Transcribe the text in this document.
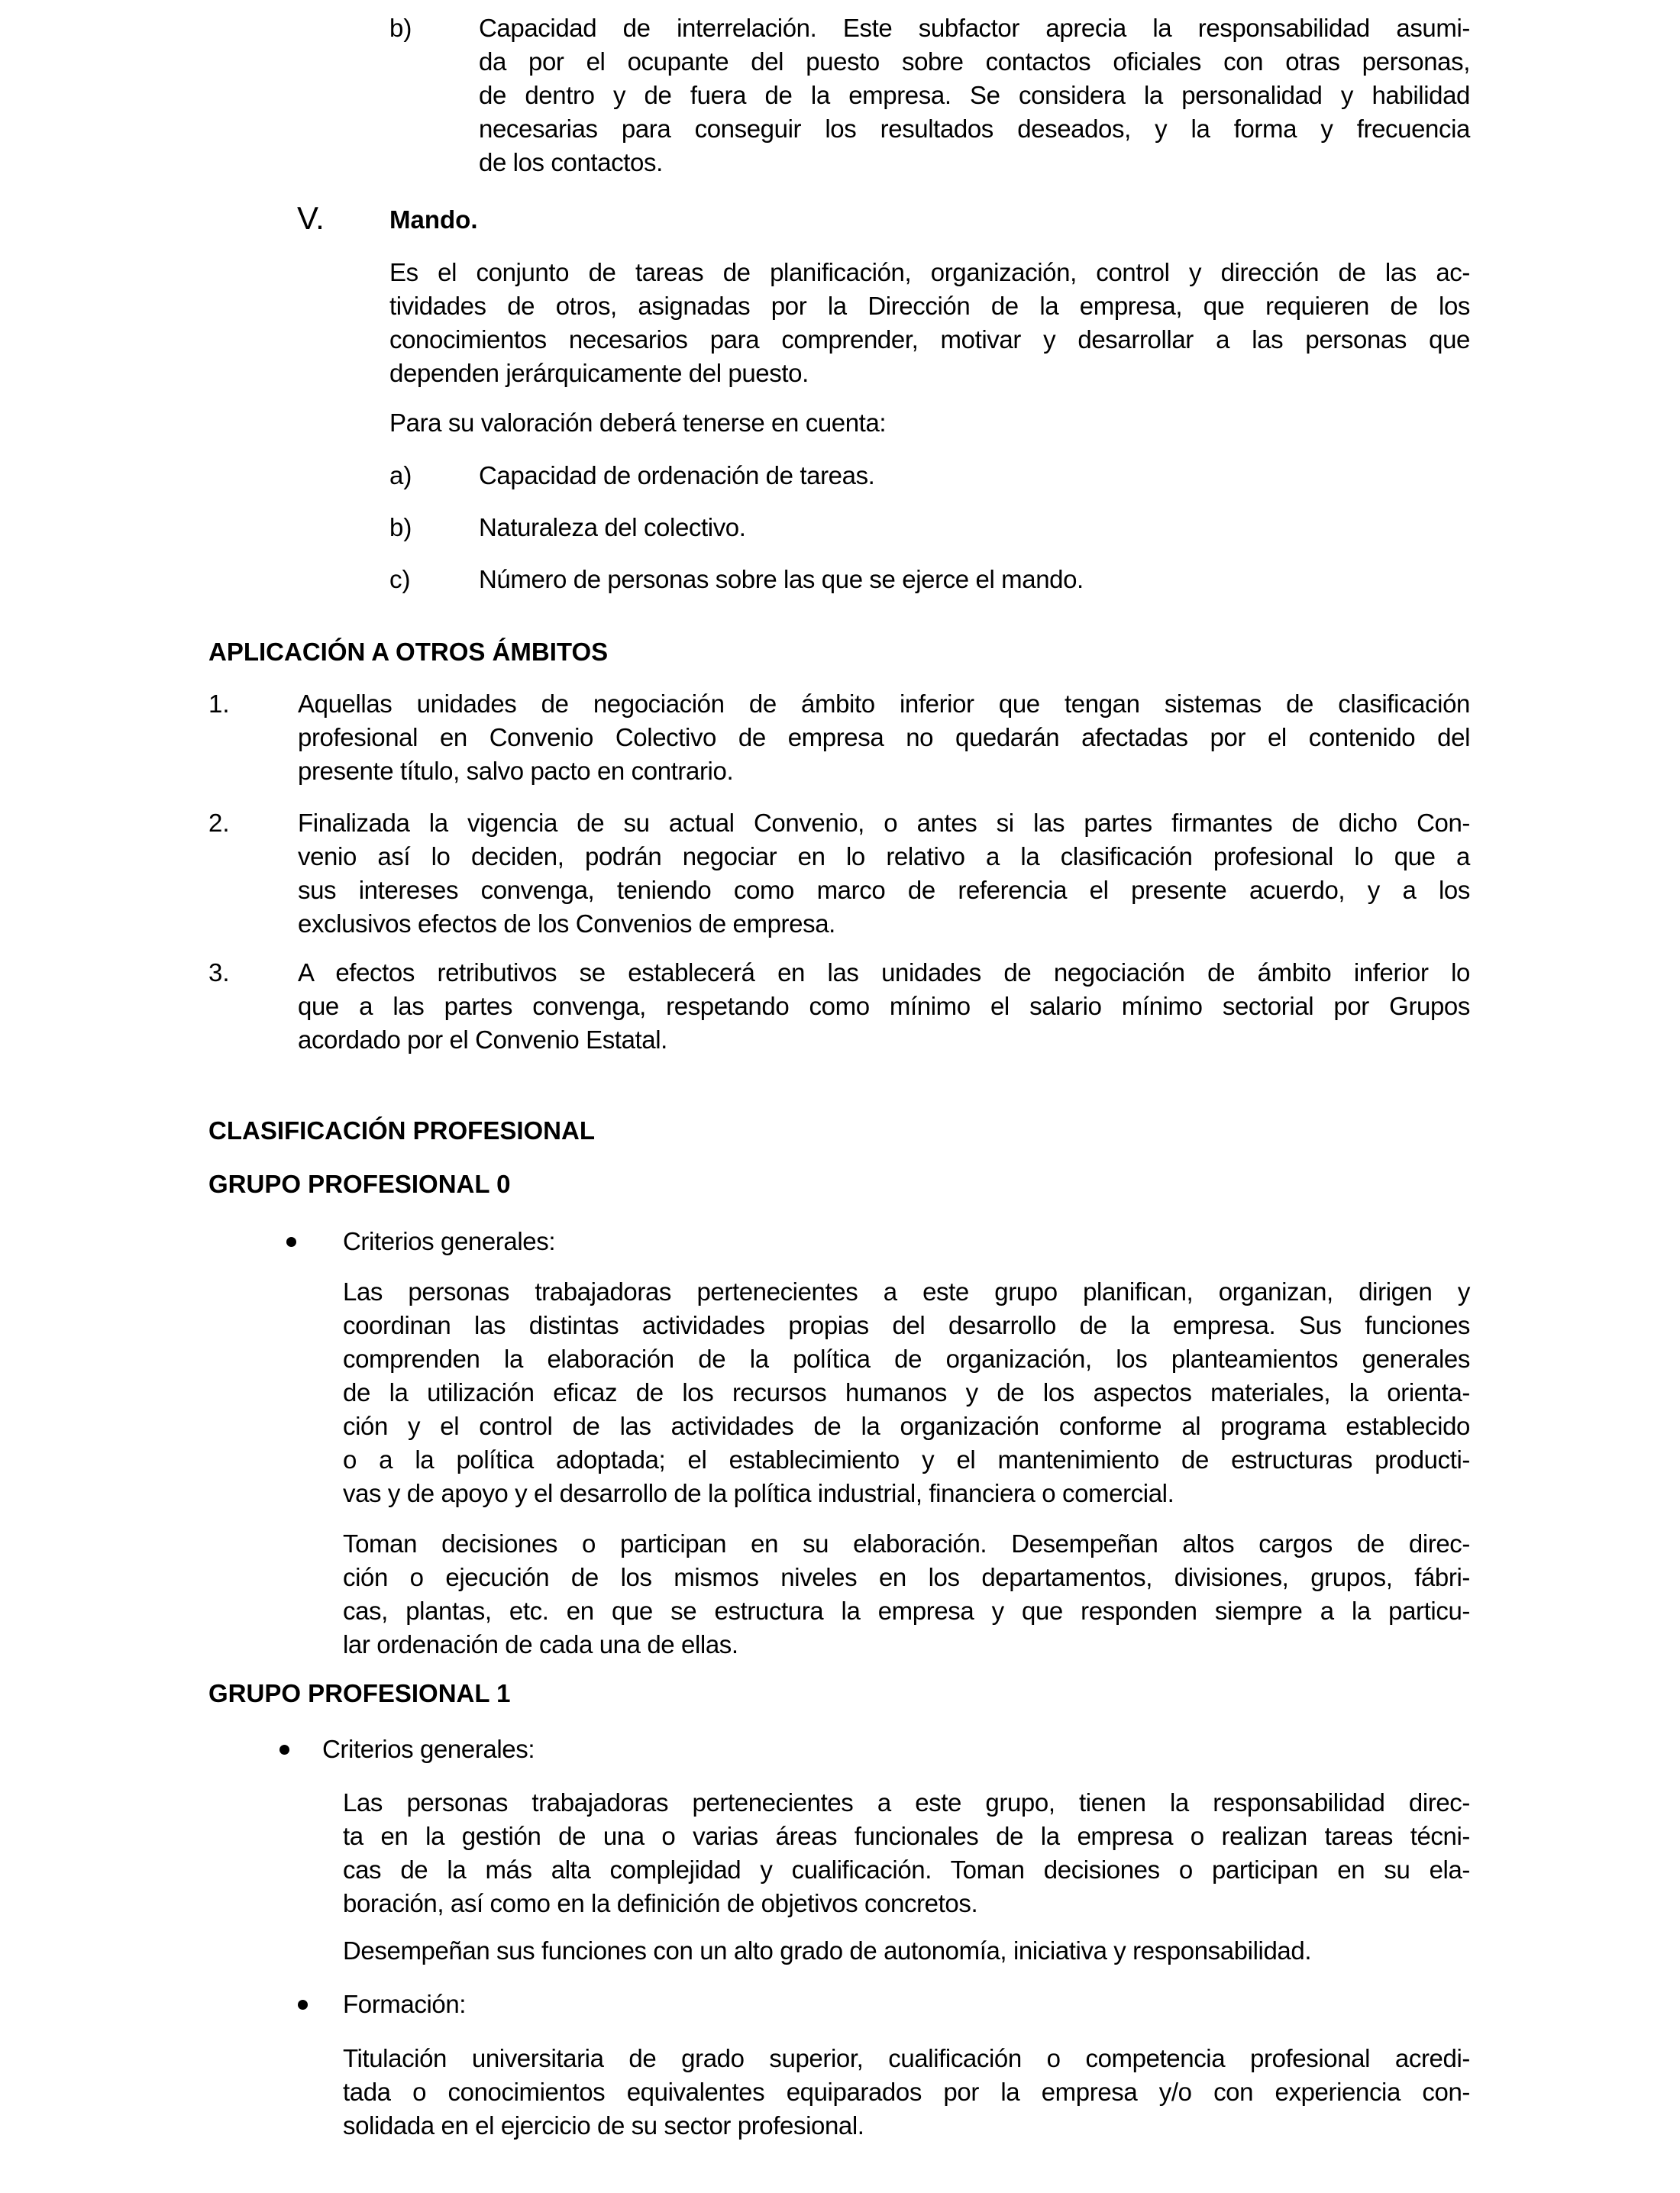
b)	Capacidad de interrelación. Este subfactor aprecia la responsabilidad asumi-
da por el ocupante del puesto sobre contactos oficiales con otras personas,
de dentro y de fuera de la empresa. Se considera la personalidad y habilidad
necesarias para conseguir los resultados deseados, y la forma y frecuencia
de los contactos.
V.	Mando.
Es el conjunto de tareas de planificación, organización, control y dirección de las ac-
tividades de otros, asignadas por la Dirección de la empresa, que requieren de los
conocimientos necesarios para comprender, motivar y desarrollar a las personas que
dependen jerárquicamente del puesto.
Para su valoración deberá tenerse en cuenta:
a)	Capacidad de ordenación de tareas.
b)	Naturaleza del colectivo.
c)	Número de personas sobre las que se ejerce el mando.
APLICACIÓN A OTROS ÁMBITOS
1.	Aquellas unidades de negociación de ámbito inferior que tengan sistemas de clasificación
profesional en Convenio Colectivo de empresa no quedarán afectadas por el contenido del
presente título, salvo pacto en contrario.
2.	Finalizada la vigencia de su actual Convenio, o antes si las partes firmantes de dicho Con-
venio así lo deciden, podrán negociar en lo relativo a la clasificación profesional lo que a
sus intereses convenga, teniendo como marco de referencia el presente acuerdo, y a los
exclusivos efectos de los Convenios de empresa.
3.	A efectos retributivos se establecerá en las unidades de negociación de ámbito inferior lo
que a las partes convenga, respetando como mínimo el salario mínimo sectorial por Grupos
acordado por el Convenio Estatal.
CLASIFICACIÓN PROFESIONAL
GRUPO PROFESIONAL 0
Criterios generales:
Las personas trabajadoras pertenecientes a este grupo planifican, organizan, dirigen y
coordinan las distintas actividades propias del desarrollo de la empresa. Sus funciones
comprenden la elaboración de la política de organización, los planteamientos generales
de la utilización eficaz de los recursos humanos y de los aspectos materiales, la orienta-
ción y el control de las actividades de la organización conforme al programa establecido
o a la política adoptada; el establecimiento y el mantenimiento de estructuras producti-
vas y de apoyo y el desarrollo de la política industrial, financiera o comercial.
Toman decisiones o participan en su elaboración. Desempeñan altos cargos de direc-
ción o ejecución de los mismos niveles en los departamentos, divisiones, grupos, fábri-
cas, plantas, etc. en que se estructura la empresa y que responden siempre a la particu-
lar ordenación de cada una de ellas.
GRUPO PROFESIONAL 1
Criterios generales:
Las personas trabajadoras pertenecientes a este grupo, tienen la responsabilidad direc-
ta en la gestión de una o varias áreas funcionales de la empresa o realizan tareas técni-
cas de la más alta complejidad y cualificación. Toman decisiones o participan en su ela-
boración, así como en la definición de objetivos concretos.
Desempeñan sus funciones con un alto grado de autonomía, iniciativa y responsabilidad.
Formación:
Titulación universitaria de grado superior, cualificación o competencia profesional acredi-
tada o conocimientos equivalentes equiparados por la empresa y/o con experiencia con-
solidada en el ejercicio de su sector profesional.
